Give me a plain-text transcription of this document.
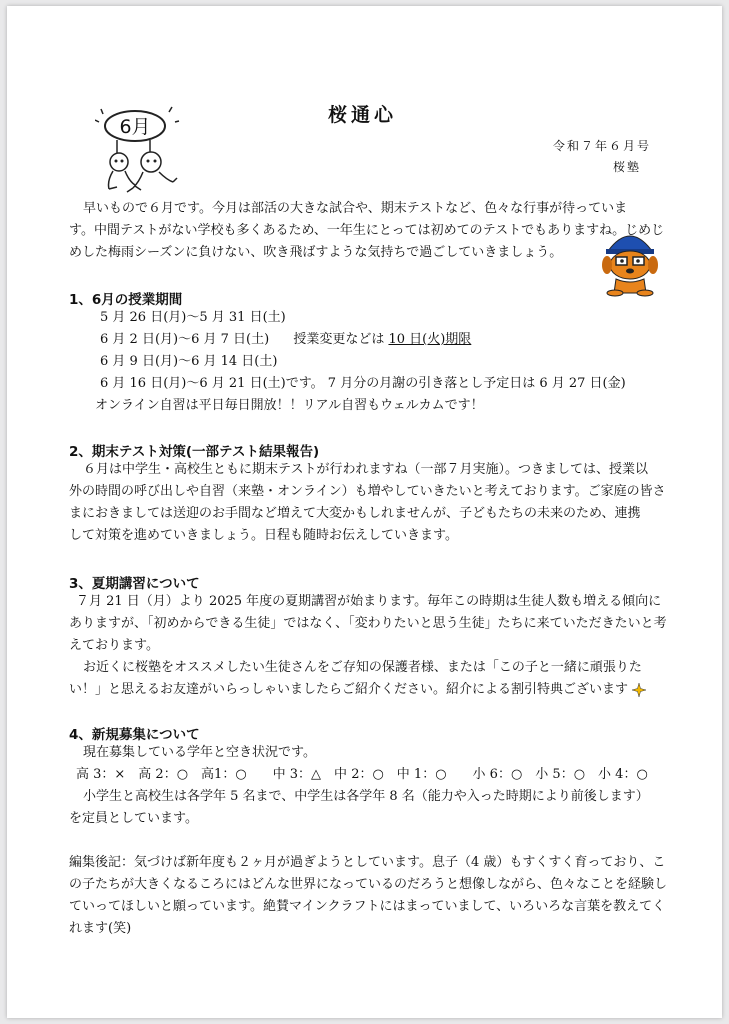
6月
桜通心
令和７年６月号
桜塾
早いもので６月です。今月は部活の大きな試合や、期末テストなど、色々な行事が待っていま
す。中間テストがない学校も多くあるため、一年生にとっては初めてのテストでもありますね。じめじ
めした梅雨シーズンに負けない、吹き飛ばすような気持ちで過ごしていきましょう。
1、6月の授業期間
5 月 26 日(月)～5 月 31 日(土)
6 月 2 日(月)～6 月 7 日(土) 授業変更などは 10 日(火)期限
6 月 9 日(月)～6 月 14 日(土)
6 月 16 日(月)～6 月 21 日(土)です。 7 月分の月謝の引き落とし予定日は 6 月 27 日(金)
オンライン自習は平日毎日開放！！リアル自習もウェルカムです！
2、期末テスト対策(一部テスト結果報告)
６月は中学生・高校生ともに期末テストが行われますね（一部７月実施）。つきましては、授業以
外の時間の呼び出しや自習（来塾・オンライン）も増やしていきたいと考えております。ご家庭の皆さ
まにおきましては送迎のお手間など増えて大変かもしれませんが、子どもたちの未来のため、連携
して対策を進めていきましょう。日程も随時お伝えしていきます。
3、夏期講習について
７月 21 日（月）より 2025 年度の夏期講習が始まります。毎年この時期は生徒人数も増える傾向に
ありますが、「初めからできる生徒」ではなく、「変わりたいと思う生徒」たちに来ていただきたいと考
えております。
お近くに桜塾をオススメしたい生徒さんをご存知の保護者様、または「この子と一緒に頑張りた
い！」と思えるお友達がいらっしゃいましたらご紹介ください。紹介による割引特典ございます
4、新規募集について
現在募集している学年と空き状況です。
高 3：×　高 2：○　高1：○　　中 3：△　中 2：○　中 1：○　　小 6：○　小 5：○　小 4：○
小学生と高校生は各学年 5 名まで、中学生は各学年 8 名（能力や入った時期により前後します）
を定員としています。
編集後記：気づけば新年度も２ヶ月が過ぎようとしています。息子（4 歳）もすくすく育っており、こ
の子たちが大きくなるころにはどんな世界になっているのだろうと想像しながら、色々なことを経験し
ていってほしいと願っています。絶賛マインクラフトにはまっていまして、いろいろな言葉を教えてく
れます(笑)
